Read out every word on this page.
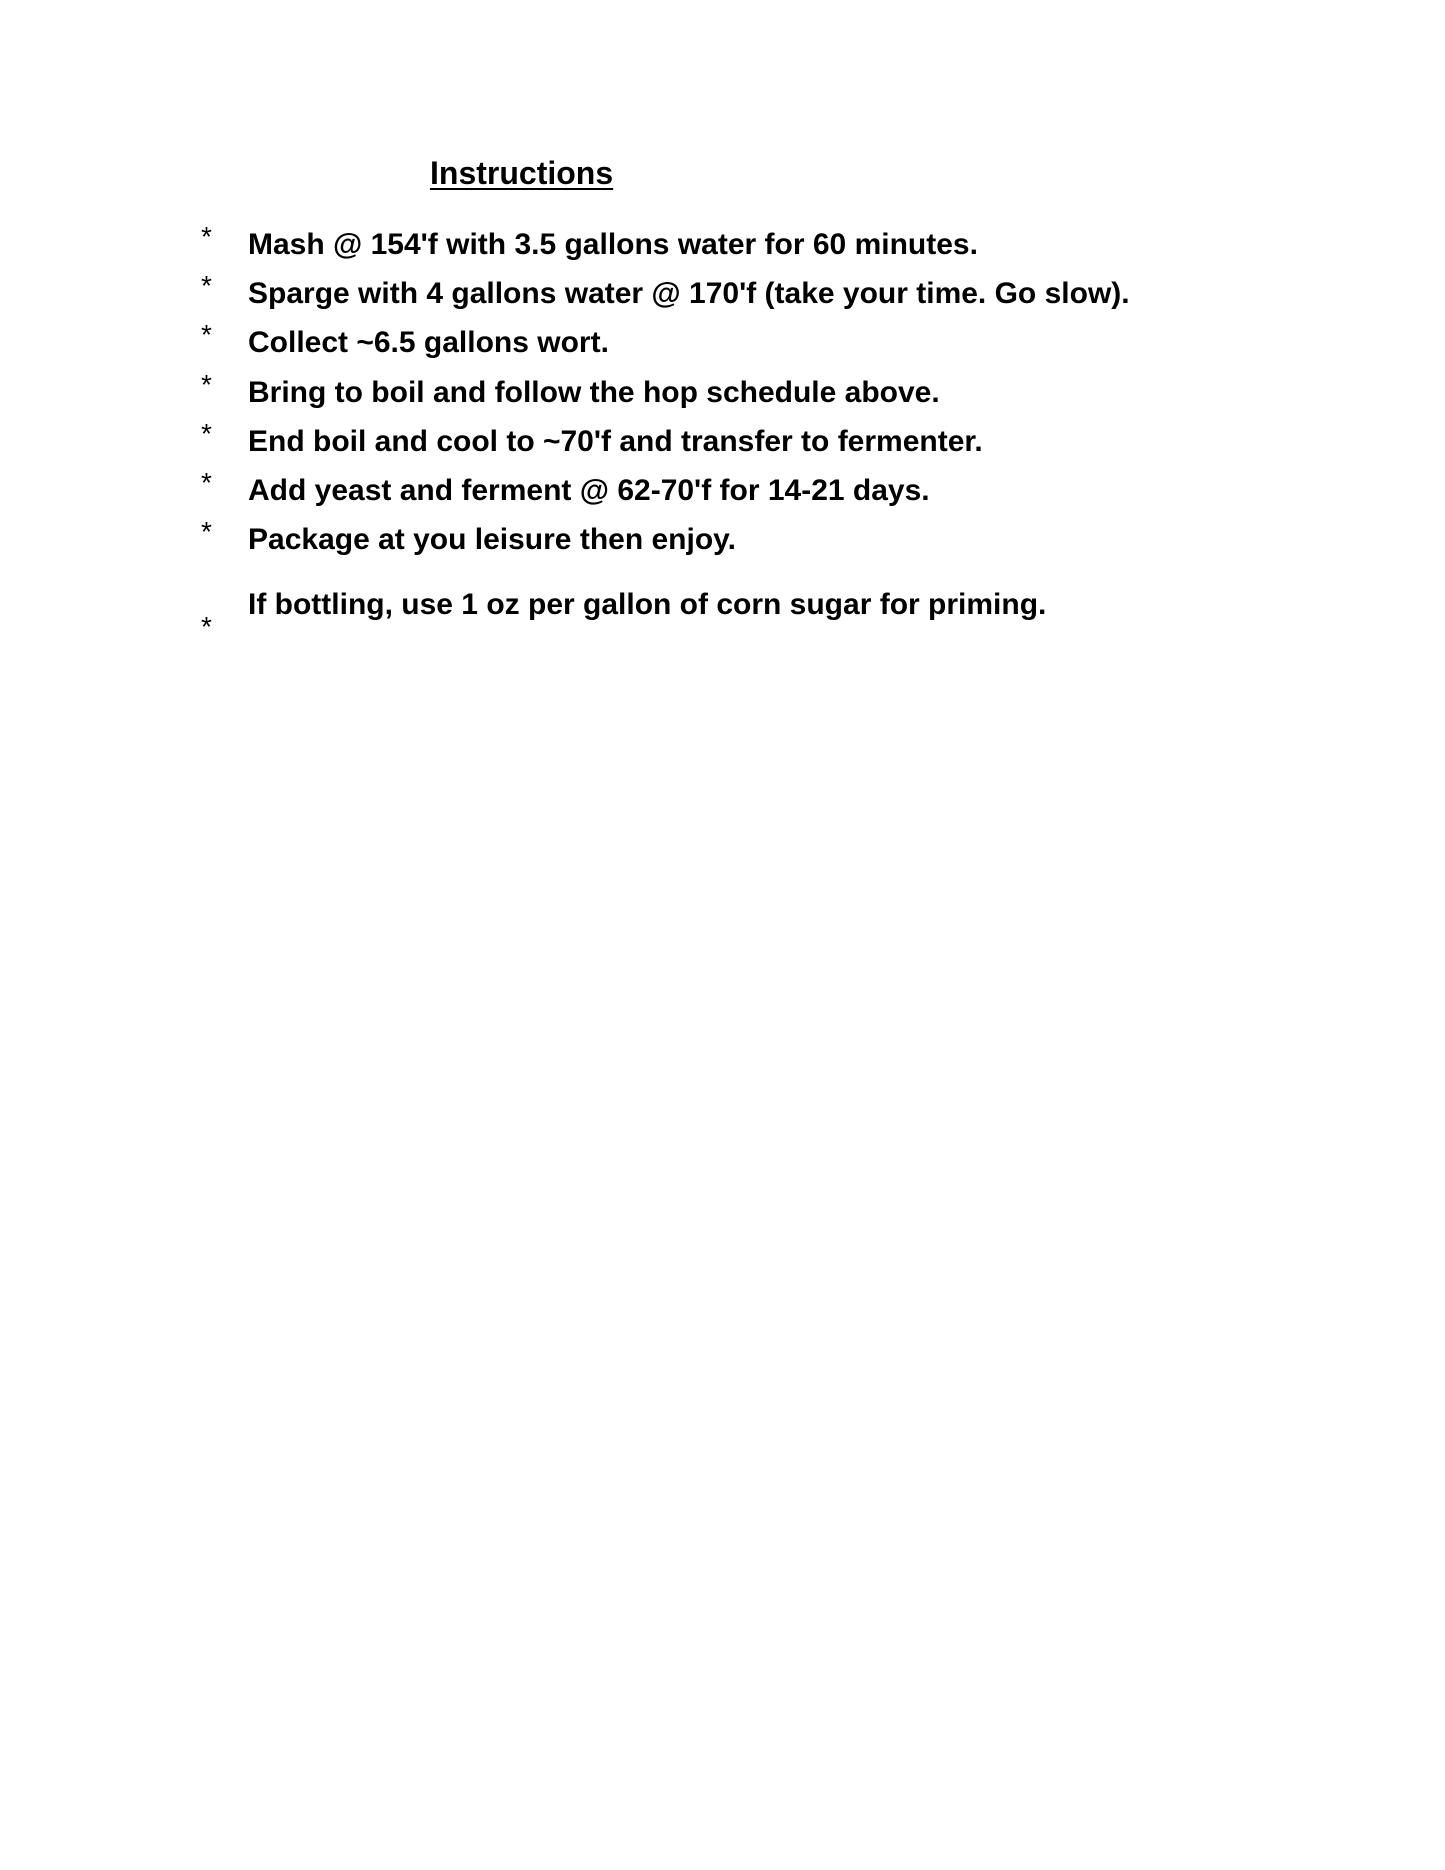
Instructions
* Mash @ 154'f with 3.5 gallons water for 60 minutes.
* Sparge with 4 gallons water @ 170'f (take your time. Go slow).
* Collect ~6.5 gallons wort.
* Bring to boil and follow the hop schedule above.
* End boil and cool to ~70'f and transfer to fermenter.
* Add yeast and ferment @ 62-70'f for 14-21 days.
* Package at you leisure then enjoy.
*
If bottling, use 1 oz per gallon of corn sugar for priming.
